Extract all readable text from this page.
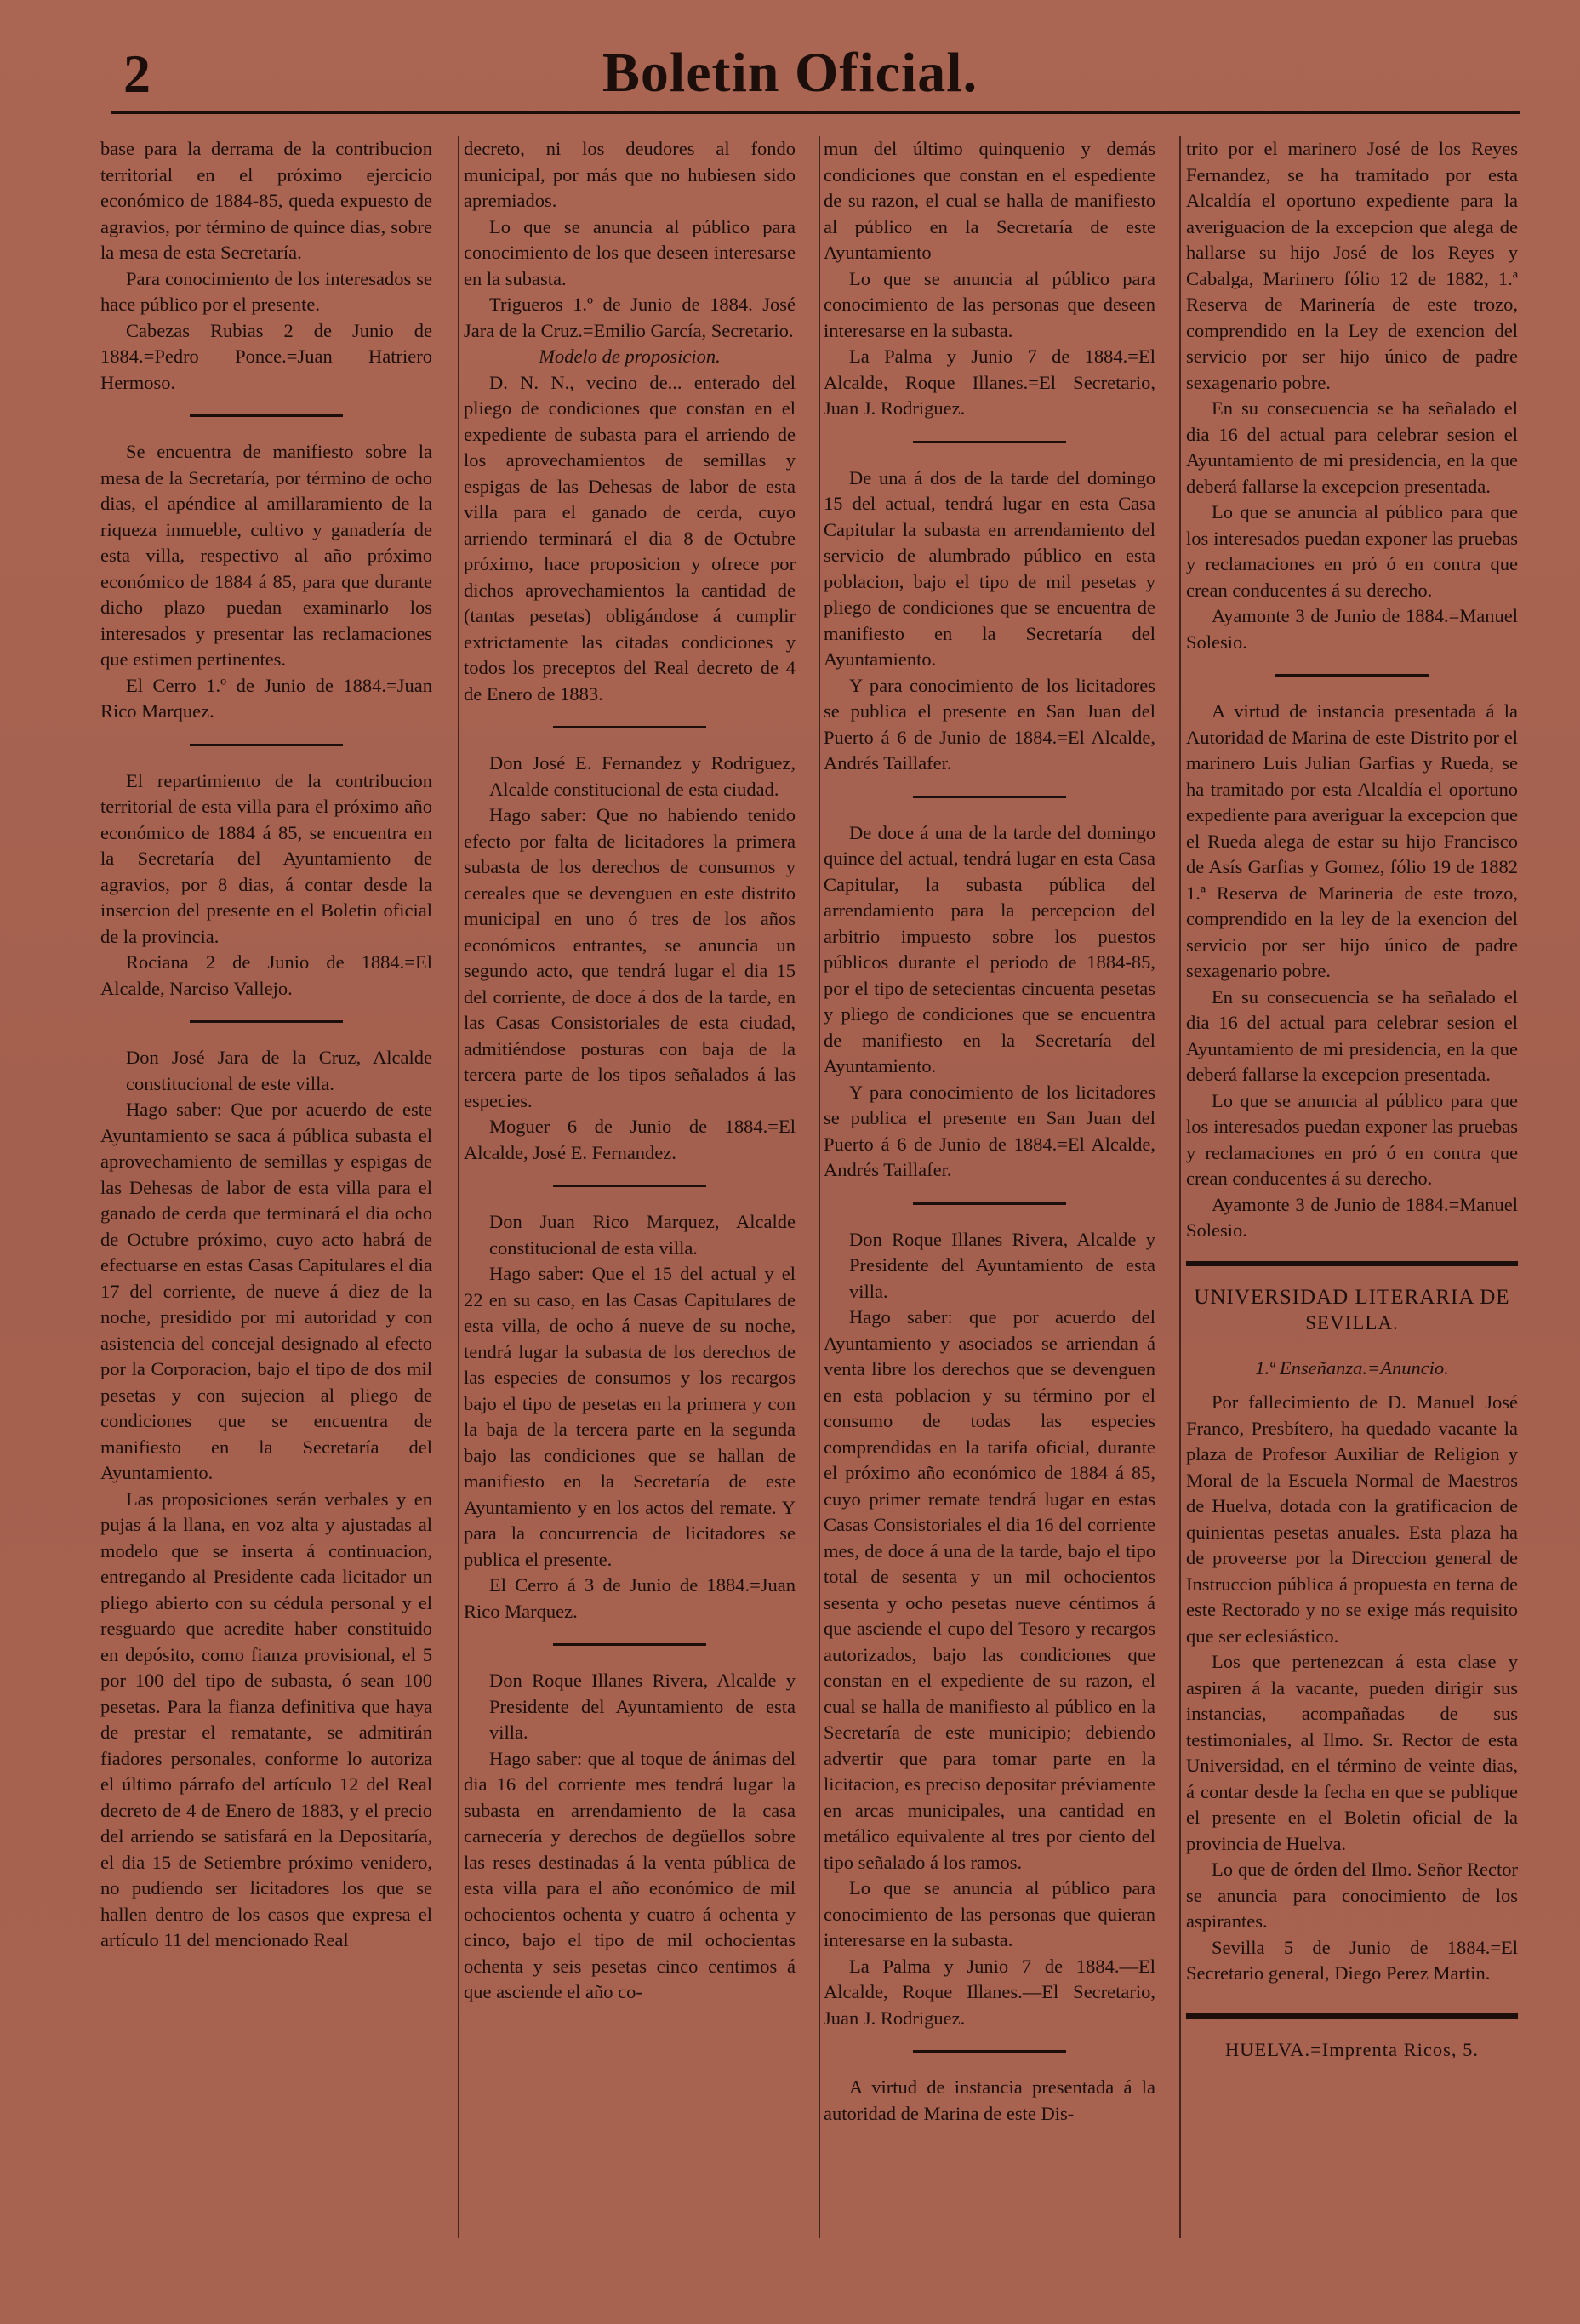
2	Boletin Oficial.

base para la derrama de la contribucion territorial en el próximo ejercicio económico de 1884-85, queda expuesto de agravios, por término de quince dias, sobre la mesa de esta Secretaría.

Para conocimiento de los interesados se hace público por el presente.

Cabezas Rubias 2 de Junio de 1884.=Pedro Ponce.=Juan Hatriero Hermoso.

Se encuentra de manifiesto sobre la mesa de la Secretaría, por término de ocho dias, el apéndice al amillaramiento de la riqueza inmueble, cultivo y ganadería de esta villa, respectivo al año próximo económico de 1884 á 85, para que durante dicho plazo puedan examinarlo los interesados y presentar las reclamaciones que estimen pertinentes.

El Cerro 1.º de Junio de 1884.=Juan Rico Marquez.

El repartimiento de la contribucion territorial de esta villa para el próximo año económico de 1884 á 85, se encuentra en la Secretaría del Ayuntamiento de agravios, por 8 dias, á contar desde la insercion del presente en el Boletin oficial de la provincia.

Rociana 2 de Junio de 1884.=El Alcalde, Narciso Vallejo.

Don José Jara de la Cruz, Alcalde constitucional de este villa.

Hago saber: Que por acuerdo de este Ayuntamiento se saca á pública subasta el aprovechamiento de semillas y espigas de las Dehesas de labor de esta villa para el ganado de cerda que terminará el dia ocho de Octubre próximo, cuyo acto habrá de efectuarse en estas Casas Capitulares el dia 17 del corriente, de nueve á diez de la noche, presidido por mi autoridad y con asistencia del concejal designado al efecto por la Corporacion, bajo el tipo de dos mil pesetas y con sujecion al pliego de condiciones que se encuentra de manifiesto en la Secretaría del Ayuntamiento.

Las proposiciones serán verbales y en pujas á la llana, en voz alta y ajustadas al modelo que se inserta á continuacion, entregando al Presidente cada licitador un pliego abierto con su cédula personal y el resguardo que acredite haber constituido en depósito, como fianza provisional, el 5 por 100 del tipo de subasta, ó sean 100 pesetas. Para la fianza definitiva que haya de prestar el rematante, se admitirán fiadores personales, conforme lo autoriza el último párrafo del artículo 12 del Real decreto de 4 de Enero de 1883, y el precio del arriendo se satisfará en la Depositaría, el dia 15 de Setiembre próximo venidero, no pudiendo ser licitadores los que se hallen dentro de los casos que expresa el artículo 11 del mencionado Real

decreto, ni los deudores al fondo municipal, por más que no hubiesen sido apremiados.

Lo que se anuncia al público para conocimiento de los que deseen interesarse en la subasta.

Trigueros 1.º de Junio de 1884. José Jara de la Cruz.=Emilio García, Secretario.

Modelo de proposicion.

D. N. N., vecino de... enterado del pliego de condiciones que constan en el expediente de subasta para el arriendo de los aprovechamientos de semillas y espigas de las Dehesas de labor de esta villa para el ganado de cerda, cuyo arriendo terminará el dia 8 de Octubre próximo, hace proposicion y ofrece por dichos aprovechamientos la cantidad de (tantas pesetas) obligándose á cumplir extrictamente las citadas condiciones y todos los preceptos del Real decreto de 4 de Enero de 1883.

Don José E. Fernandez y Rodriguez, Alcalde constitucional de esta ciudad.

Hago saber: Que no habiendo tenido efecto por falta de licitadores la primera subasta de los derechos de consumos y cereales que se devenguen en este distrito municipal en uno ó tres de los años económicos entrantes, se anuncia un segundo acto, que tendrá lugar el dia 15 del corriente, de doce á dos de la tarde, en las Casas Consistoriales de esta ciudad, admitiéndose posturas con baja de la tercera parte de los tipos señalados á las especies.

Moguer 6 de Junio de 1884.=El Alcalde, José E. Fernandez.

Don Juan Rico Marquez, Alcalde constitucional de esta villa.

Hago saber: Que el 15 del actual y el 22 en su caso, en las Casas Capitulares de esta villa, de ocho á nueve de su noche, tendrá lugar la subasta de los derechos de las especies de consumos y los recargos bajo el tipo de pesetas en la primera y con la baja de la tercera parte en la segunda bajo las condiciones que se hallan de manifiesto en la Secretaría de este Ayuntamiento y en los actos del remate. Y para la concurrencia de licitadores se publica el presente.

El Cerro á 3 de Junio de 1884.=Juan Rico Marquez.

Don Roque Illanes Rivera, Alcalde y Presidente del Ayuntamiento de esta villa.

Hago saber: que al toque de ánimas del dia 16 del corriente mes tendrá lugar la subasta en arrendamiento de la casa carnecería y derechos de degüellos sobre las reses destinadas á la venta pública de esta villa para el año económico de mil ochocientos ochenta y cuatro á ochenta y cinco, bajo el tipo de mil ochocientas ochenta y seis pesetas cinco centimos á que asciende el año co-

mun del último quinquenio y demás condiciones que constan en el espediente de su razon, el cual se halla de manifiesto al público en la Secretaría de este Ayuntamiento

Lo que se anuncia al público para conocimiento de las personas que deseen interesarse en la subasta.

La Palma y Junio 7 de 1884.=El Alcalde, Roque Illanes.=El Secretario, Juan J. Rodriguez.

De una á dos de la tarde del domingo 15 del actual, tendrá lugar en esta Casa Capitular la subasta en arrendamiento del servicio de alumbrado público en esta poblacion, bajo el tipo de mil pesetas y pliego de condiciones que se encuentra de manifiesto en la Secretaría del Ayuntamiento.

Y para conocimiento de los licitadores se publica el presente en San Juan del Puerto á 6 de Junio de 1884.=El Alcalde, Andrés Taillafer.

De doce á una de la tarde del domingo quince del actual, tendrá lugar en esta Casa Capitular, la subasta pública del arrendamiento para la percepcion del arbitrio impuesto sobre los puestos públicos durante el periodo de 1884-85, por el tipo de setecientas cincuenta pesetas y pliego de condiciones que se encuentra de manifiesto en la Secretaría del Ayuntamiento.

Y para conocimiento de los licitadores se publica el presente en San Juan del Puerto á 6 de Junio de 1884.=El Alcalde, Andrés Taillafer.

Don Roque Illanes Rivera, Alcalde y Presidente del Ayuntamiento de esta villa.

Hago saber: que por acuerdo del Ayuntamiento y asociados se arriendan á venta libre los derechos que se devenguen en esta poblacion y su término por el consumo de todas las especies comprendidas en la tarifa oficial, durante el próximo año económico de 1884 á 85, cuyo primer remate tendrá lugar en estas Casas Consistoriales el dia 16 del corriente mes, de doce á una de la tarde, bajo el tipo total de sesenta y un mil ochocientos sesenta y ocho pesetas nueve céntimos á que asciende el cupo del Tesoro y recargos autorizados, bajo las condiciones que constan en el expediente de su razon, el cual se halla de manifiesto al público en la Secretaría de este municipio; debiendo advertir que para tomar parte en la licitacion, es preciso depositar préviamente en arcas municipales, una cantidad en metálico equivalente al tres por ciento del tipo señalado á los ramos.

Lo que se anuncia al público para conocimiento de las personas que quieran interesarse en la subasta.

La Palma y Junio 7 de 1884.—El Alcalde, Roque Illanes.—El Secretario, Juan J. Rodriguez.

A virtud de instancia presentada á la autoridad de Marina de este Dis-

trito por el marinero José de los Reyes Fernandez, se ha tramitado por esta Alcaldía el oportuno expediente para la averiguacion de la excepcion que alega de hallarse su hijo José de los Reyes y Cabalga, Marinero fólio 12 de 1882, 1.ª Reserva de Marinería de este trozo, comprendido en la Ley de exencion del servicio por ser hijo único de padre sexagenario pobre.

En su consecuencia se ha señalado el dia 16 del actual para celebrar sesion el Ayuntamiento de mi presidencia, en la que deberá fallarse la excepcion presentada.

Lo que se anuncia al público para que los interesados puedan exponer las pruebas y reclamaciones en pró ó en contra que crean conducentes á su derecho.

Ayamonte 3 de Junio de 1884.=Manuel Solesio.

A virtud de instancia presentada á la Autoridad de Marina de este Distrito por el marinero Luis Julian Garfias y Rueda, se ha tramitado por esta Alcaldía el oportuno expediente para averiguar la excepcion que el Rueda alega de estar su hijo Francisco de Asís Garfias y Gomez, fólio 19 de 1882 1.ª Reserva de Marineria de este trozo, comprendido en la ley de la exencion del servicio por ser hijo único de padre sexagenario pobre.

En su consecuencia se ha señalado el dia 16 del actual para celebrar sesion el Ayuntamiento de mi presidencia, en la que deberá fallarse la excepcion presentada.

Lo que se anuncia al público para que los interesados puedan exponer las pruebas y reclamaciones en pró ó en contra que crean conducentes á su derecho.

Ayamonte 3 de Junio de 1884.=Manuel Solesio.

UNIVERSIDAD LITERARIA DE
SEVILLA.

1.ª Enseñanza.=Anuncio.

Por fallecimiento de D. Manuel José Franco, Presbítero, ha quedado vacante la plaza de Profesor Auxiliar de Religion y Moral de la Escuela Normal de Maestros de Huelva, dotada con la gratificacion de quinientas pesetas anuales. Esta plaza ha de proveerse por la Direccion general de Instruccion pública á propuesta en terna de este Rectorado y no se exige más requisito que ser eclesiástico.

Los que pertenezcan á esta clase y aspiren á la vacante, pueden dirigir sus instancias, acompañadas de sus testimoniales, al Ilmo. Sr. Rector de esta Universidad, en el término de veinte dias, á contar desde la fecha en que se publique el presente en el Boletin oficial de la provincia de Huelva.

Lo que de órden del Ilmo. Señor Rector se anuncia para conocimiento de los aspirantes.

Sevilla 5 de Junio de 1884.=El Secretario general, Diego Perez Martin.

HUELVA.=Imprenta Ricos, 5.
